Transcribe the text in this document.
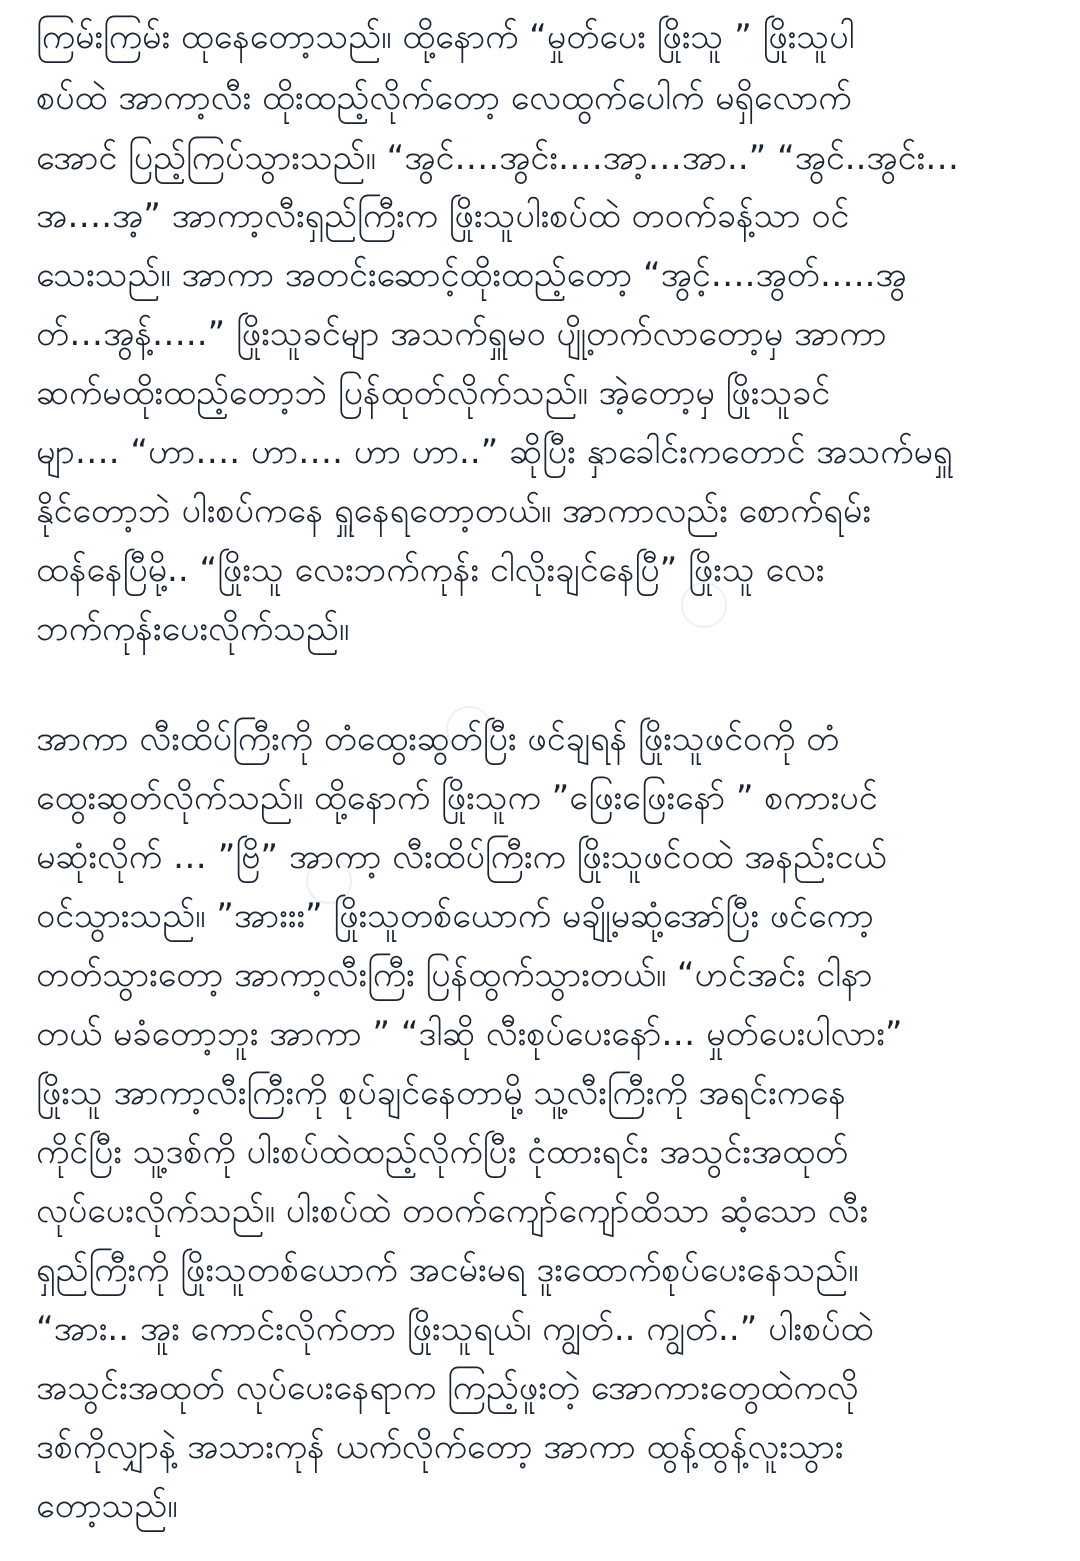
ကြမ်းကြမ်း ထုနေတော့သည်။ ထို့နောက် “မှုတ်ပေး ဖြိုးသူ ” ဖြိုးသူပါ
စပ်ထဲ အာကာ့လီး ထိုးထည့်လိုက်တော့ လေထွက်ပေါက် မရှိလောက်
အောင် ပြည့်ကြပ်သွားသည်။ “အွင်….အွင်း….အာ့…အာ..” “အွင်..အွင်း…
အ….အ့” အာကာ့လီးရှည်ကြီးက ဖြိုးသူပါးစပ်ထဲ တဝက်ခန့်သာ ဝင်
သေးသည်။ အာကာ အတင်းဆောင့်ထိုးထည့်တော့ “အွင့်….အွတ်…..အွ
တ်…အွန့်…..” ဖြိုးသူခင်မျာ အသက်ရှူမဝ ပျို့တက်လာတော့မှ အာကာ
ဆက်မထိုးထည့်တော့ဘဲ ပြန်ထုတ်လိုက်သည်။ အဲ့တော့မှ ဖြိုးသူခင်
မျာ…. “ဟာ…. ဟာ…. ဟာ ဟာ..” ဆိုပြီး နှာခေါင်းကတောင် အသက်မရှူ
နိုင်တော့ဘဲ ပါးစပ်ကနေ ရှူနေရတော့တယ်။ အာကာလည်း စောက်ရမ်း
ထန်နေပြီမို့.. “ဖြိုးသူ လေးဘက်ကုန်း ငါလိုးချင်နေပြီ” ဖြိုးသူ လေး
ဘက်ကုန်းပေးလိုက်သည်။
အာကာ လီးထိပ်ကြီးကို တံထွေးဆွတ်ပြီး ဖင်ချရန် ဖြိုးသူဖင်ဝကို တံ
ထွေးဆွတ်လိုက်သည်။ ထို့နောက် ဖြိုးသူက ”ဖြေးဖြေးနော် ” စကားပင်
မဆုံးလိုက် … ”ဗြိ” အာကာ့ လီးထိပ်ကြီးက ဖြိုးသူဖင်ဝထဲ အနည်းငယ်
ဝင်သွားသည်။ ”အားးး” ဖြိုးသူတစ်ယောက် မချို့မဆုံ့အော်ပြီး ဖင်ကော့
တတ်သွားတော့ အာကာ့လီးကြီး ပြန်ထွက်သွားတယ်။ “ဟင်အင်း ငါနာ
တယ် မခံတော့ဘူး အာကာ ” “ဒါဆို လီးစုပ်ပေးနော်… မှုတ်ပေးပါလား”
ဖြိုးသူ အာကာ့လီးကြီးကို စုပ်ချင်နေတာမို့ သူ့လီးကြီးကို အရင်းကနေ
ကိုင်ပြီး သူ့ဒစ်ကို ပါးစပ်ထဲထည့်လိုက်ပြီး ငုံထားရင်း အသွင်းအထုတ်
လုပ်ပေးလိုက်သည်။ ပါးစပ်ထဲ တဝက်ကျော်ကျော်ထိသာ ဆံ့သော လီး
ရှည်ကြီးကို ဖြိုးသူတစ်ယောက် အငမ်းမရ ဒူးထောက်စုပ်ပေးနေသည်။
“အား.. အူး ကောင်းလိုက်တာ ဖြိုးသူရယ်၊ ကျွတ်.. ကျွတ်..” ပါးစပ်ထဲ
အသွင်းအထုတ် လုပ်ပေးနေရာက ကြည့်ဖူးတဲ့ အောကားတွေထဲကလို
ဒစ်ကိုလျှာနဲ့ အသားကုန် ယက်လိုက်တော့ အာကာ ထွန့်ထွန့်လူးသွား
တော့သည်။
